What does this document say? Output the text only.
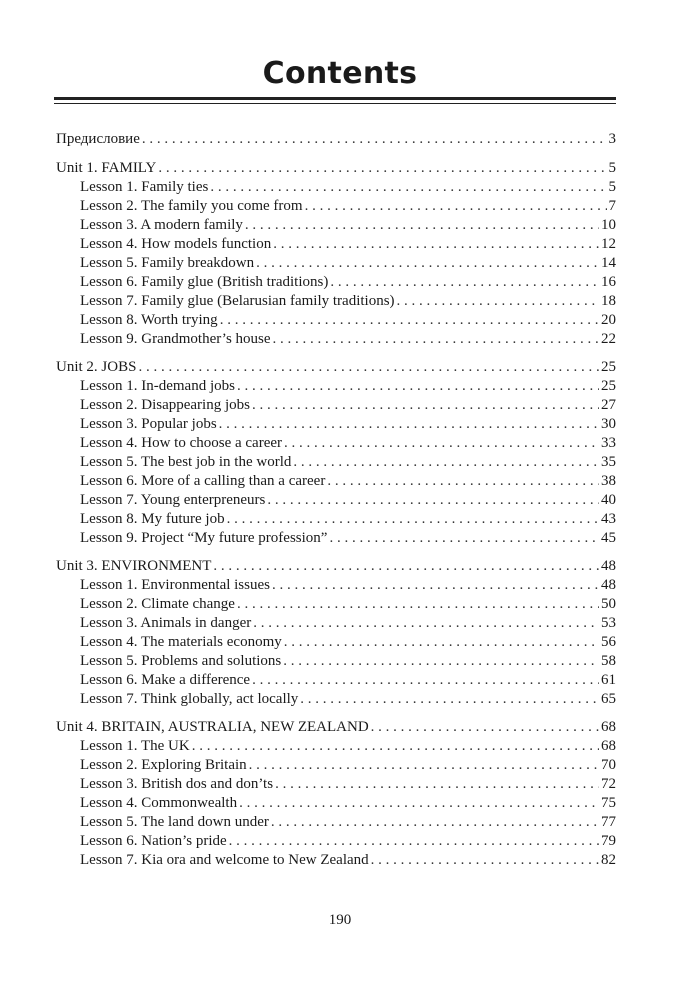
Contents
Предисловие . . .	3
Unit 1. FAMILY . . .	5
Lesson 1. Family ties . . .	5
Lesson 2. The family you come from . . .	7
Lesson 3. A modern family . . .	10
Lesson 4. How models function . . .	12
Lesson 5. Family breakdown . . .	14
Lesson 6. Family glue (British traditions) . . .	16
Lesson 7. Family glue (Belarusian family traditions) . . .	18
Lesson 8. Worth trying . . .	20
Lesson 9. Grandmother’s house . . .	22
Unit 2. JOBS . . .	25
Lesson 1. In-demand jobs . . .	25
Lesson 2. Disappearing jobs . . .	27
Lesson 3. Popular jobs . . .	30
Lesson 4. How to choose a career . . .	33
Lesson 5. The best job in the world . . .	35
Lesson 6. More of a calling than a career . . .	38
Lesson 7. Young enterpreneurs . . .	40
Lesson 8. My future job . . .	43
Lesson 9. Project “My future profession” . . .	45
Unit 3. ENVIRONMENT . . .	48
Lesson 1. Environmental issues . . .	48
Lesson 2. Climate change . . .	50
Lesson 3. Animals in danger . . .	53
Lesson 4. The materials economy . . .	56
Lesson 5. Problems and solutions . . .	58
Lesson 6. Make a difference . . .	61
Lesson 7. Think globally, act locally . . .	65
Unit 4. BRITAIN, AUSTRALIA, NEW ZEALAND . . .	68
Lesson 1. The UK . . .	68
Lesson 2. Exploring Britain . . .	70
Lesson 3. British dos and don’ts . . .	72
Lesson 4. Commonwealth . . .	75
Lesson 5. The land down under . . .	77
Lesson 6. Nation’s pride . . .	79
Lesson 7. Kia ora and welcome to New Zealand . . .	82
190
